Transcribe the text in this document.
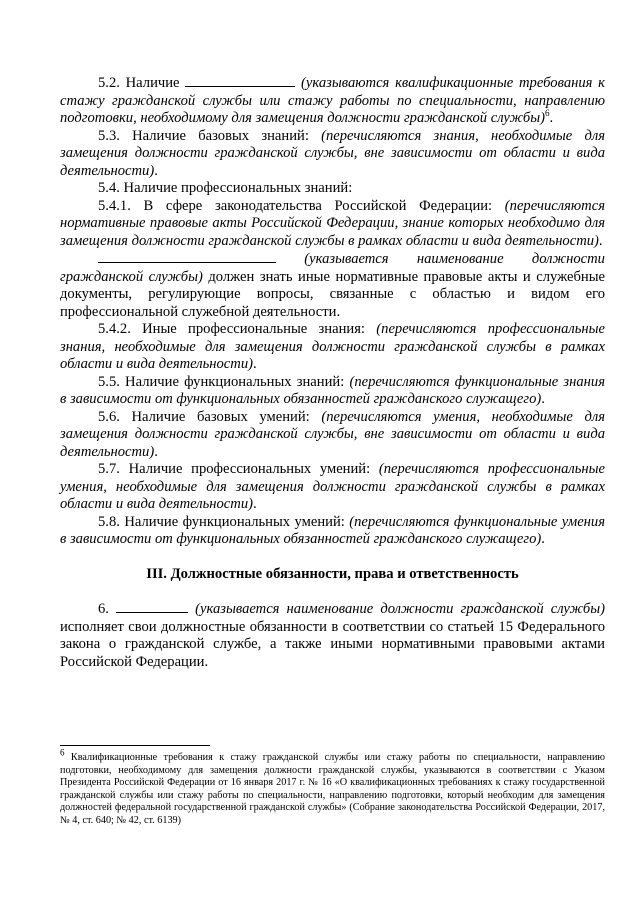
5.2. Наличие	(указываются квалификационные требования к стажу гражданской службы или стажу работы по специальности, направлению подготовки, необходимому для замещения должности гражданской службы)$^6$.

5.3. Наличие базовых знаний: (перечисляются знания, необходимые для замещения должности гражданской службы, вне зависимости от области и вида деятельности).

5.4. Наличие профессиональных знаний:

5.4.1. В сфере законодательства Российской Федерации: (перечисляются нормативные правовые акты Российской Федерации, знание которых необходимо для замещения должности гражданской службы в рамках области и вида деятельности).

(указывается наименование должности

гражданской службы) должен знать иные нормативные правовые акты и служебные документы, регулирующие вопросы, связанные с областью и видом его профессиональной служебной деятельности.

5.4.2. Иные профессиональные знания: (перечисляются профессиональные знания, необходимые для замещения должности гражданской службы в рамках области и вида деятельности).

5.5. Наличие функциональных знаний: (перечисляются функциональные знания в зависимости от функциональных обязанностей гражданского служащего).

5.6. Наличие базовых умений: (перечисляются умения, необходимые для замещения должности гражданской службы, вне зависимости от области и вида деятельности).

5.7. Наличие профессиональных умений: (перечисляются профессиональные умения, необходимые для замещения должности гражданской службы в рамках области и вида деятельности).

5.8. Наличие функциональных умений: (перечисляются функциональные умения в зависимости от функциональных обязанностей гражданского служащего).

III. Должностные обязанности, права и ответственность

6.	(указывается наименование должности гражданской службы) исполняет свои должностные обязанности в соответствии со статьей 15 Федерального закона о гражданской службе, а также иными нормативными правовыми актами Российской Федерации.

$^6$ Квалификационные требования к стажу гражданской службы или стажу работы по специальности, направлению подготовки, необходимому для замещения должности гражданской службы, указываются в соответствии с Указом Президента Российской Федерации от 16 января 2017 г. № 16 «О квалификационных требованиях к стажу государственной гражданской службы или стажу работы по специальности, направлению подготовки, который необходим для замещения должностей федеральной государственной гражданской службы» (Собрание законодательства Российской Федерации, 2017, № 4, ст. 640; № 42, ст. 6139)
